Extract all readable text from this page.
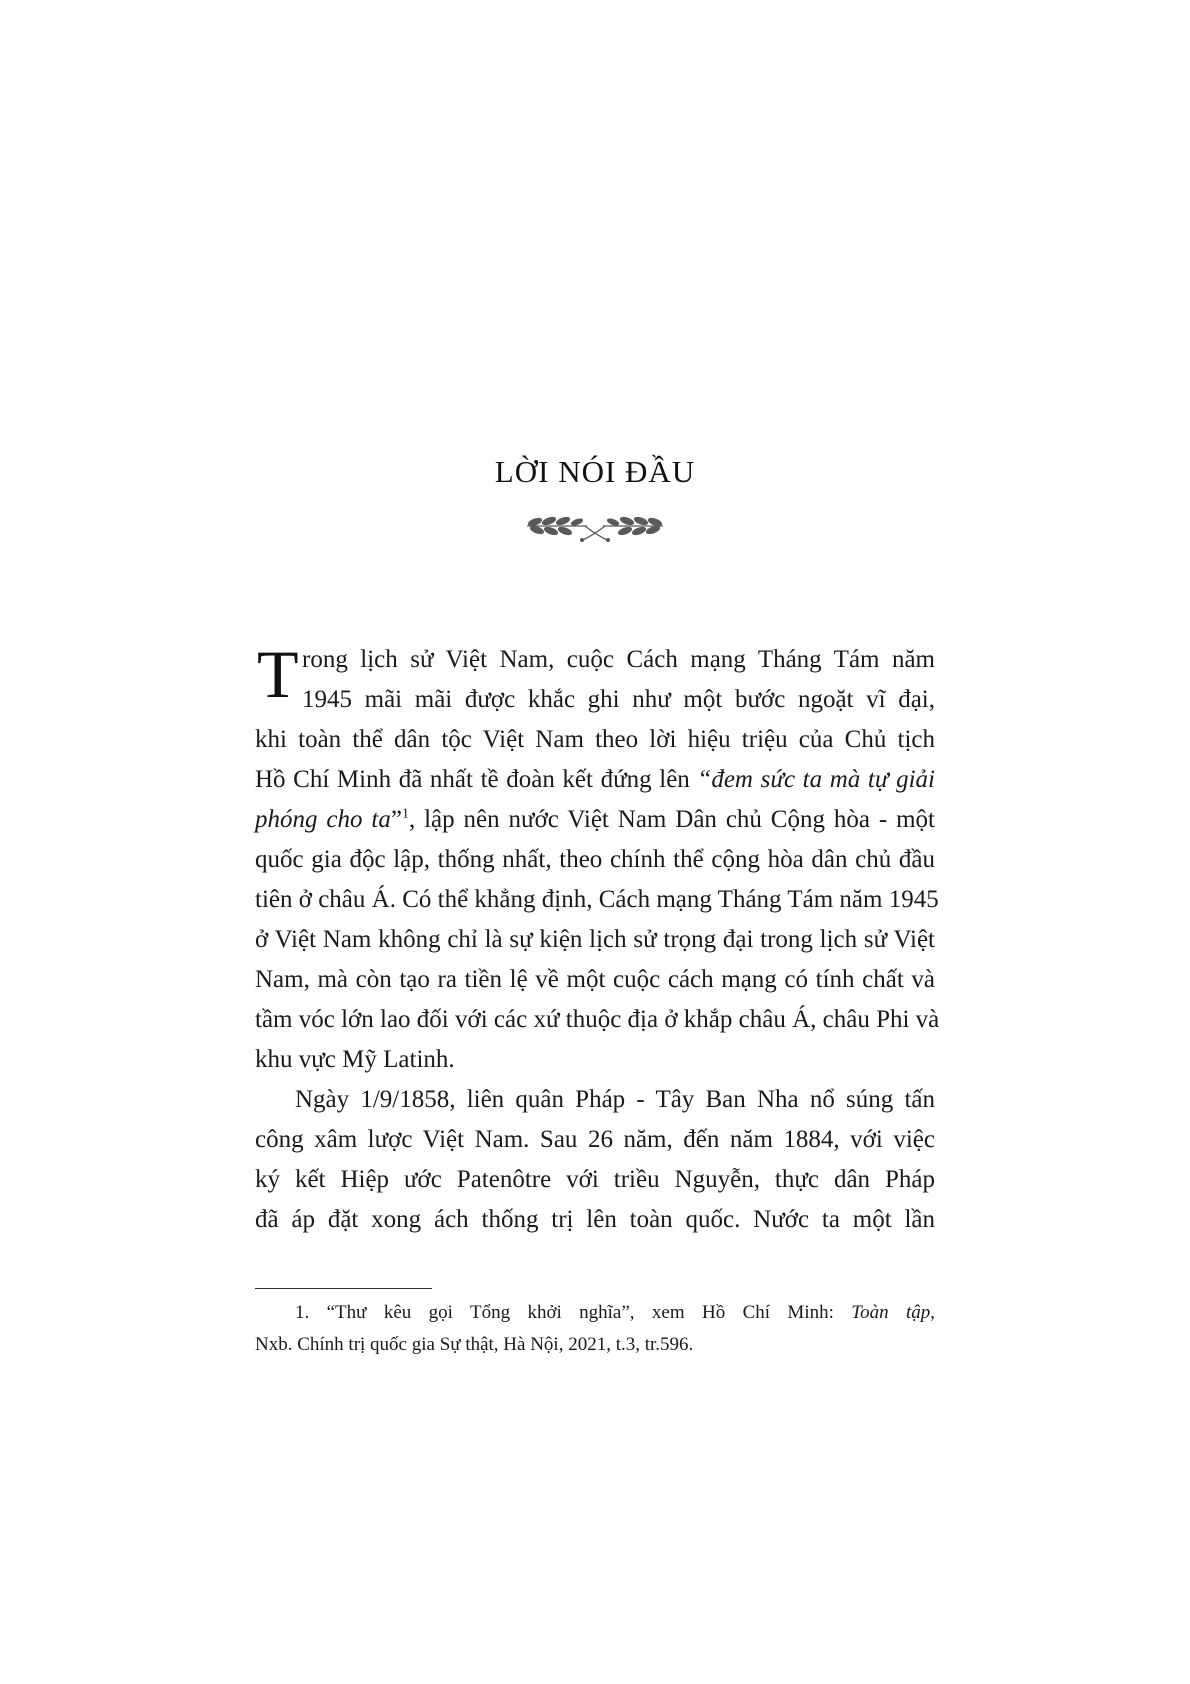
LỜI NÓI ĐẦU
T rong lịch sử Việt Nam, cuộc Cách mạng Tháng Tám năm
1945 mãi mãi được khắc ghi như một bước ngoặt vĩ đại,
khi toàn thể dân tộc Việt Nam theo lời hiệu triệu của Chủ tịch
Hồ Chí Minh đã nhất tề đoàn kết đứng lên “đem sức ta mà tự giải
phóng cho ta”$^1$, lập nên nước Việt Nam Dân chủ Cộng hòa - một
quốc gia độc lập, thống nhất, theo chính thể cộng hòa dân chủ đầu
tiên ở châu Á. Có thể khẳng định, Cách mạng Tháng Tám năm 1945
ở Việt Nam không chỉ là sự kiện lịch sử trọng đại trong lịch sử Việt
Nam, mà còn tạo ra tiền lệ về một cuộc cách mạng có tính chất và
tầm vóc lớn lao đối với các xứ thuộc địa ở khắp châu Á, châu Phi và
khu vực Mỹ Latinh.
Ngày 1/9/1858, liên quân Pháp - Tây Ban Nha nổ súng tấn
công xâm lược Việt Nam. Sau 26 năm, đến năm 1884, với việc
ký kết Hiệp ước Patenôtre với triều Nguyễn, thực dân Pháp
đã áp đặt xong ách thống trị lên toàn quốc. Nước ta một lần
1. “Thư kêu gọi Tổng khởi nghĩa”, xem Hồ Chí Minh: Toàn tập,
Nxb. Chính trị quốc gia Sự thật, Hà Nội, 2021, t.3, tr.596.
